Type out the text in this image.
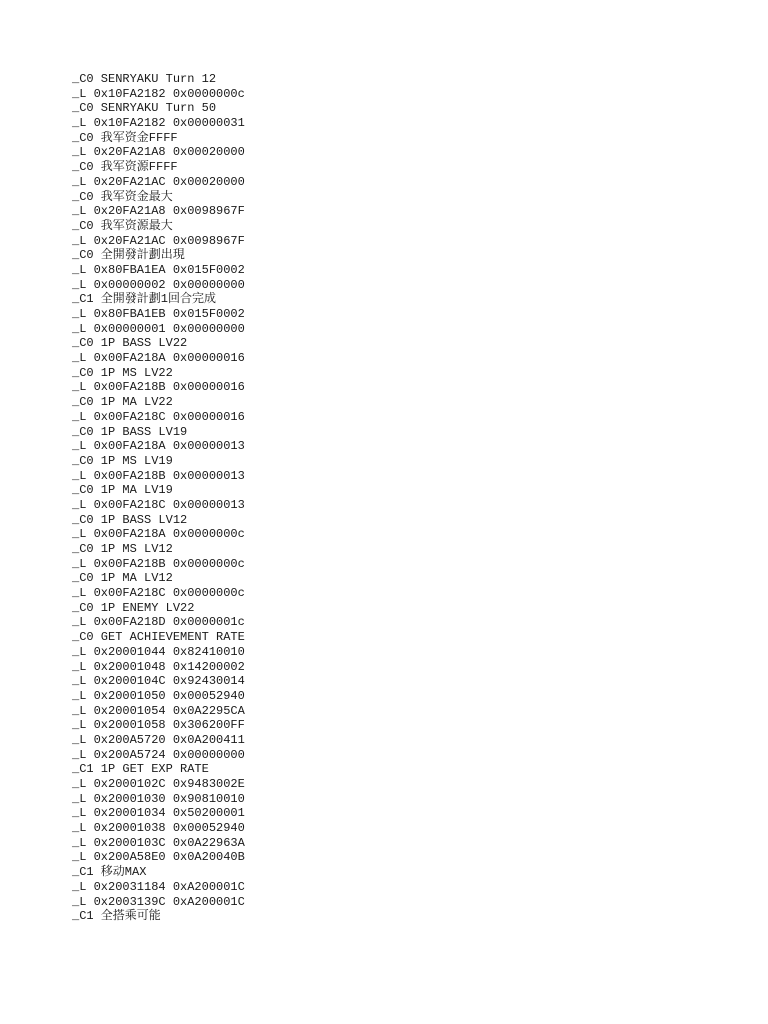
_C0 SENRYAKU Turn 12
_L 0x10FA2182 0x0000000c
_C0 SENRYAKU Turn 50
_L 0x10FA2182 0x00000031
_C0 我军资金FFFF
_L 0x20FA21A8 0x00020000
_C0 我军资源FFFF
_L 0x20FA21AC 0x00020000
_C0 我军资金最大
_L 0x20FA21A8 0x0098967F
_C0 我军资源最大
_L 0x20FA21AC 0x0098967F
_C0 全開發計劃出現
_L 0x80FBA1EA 0x015F0002
_L 0x00000002 0x00000000
_C1 全開發計劃1回合完成
_L 0x80FBA1EB 0x015F0002
_L 0x00000001 0x00000000
_C0 1P BASS LV22
_L 0x00FA218A 0x00000016
_C0 1P MS LV22
_L 0x00FA218B 0x00000016
_C0 1P MA LV22
_L 0x00FA218C 0x00000016
_C0 1P BASS LV19
_L 0x00FA218A 0x00000013
_C0 1P MS LV19
_L 0x00FA218B 0x00000013
_C0 1P MA LV19
_L 0x00FA218C 0x00000013
_C0 1P BASS LV12
_L 0x00FA218A 0x0000000c
_C0 1P MS LV12
_L 0x00FA218B 0x0000000c
_C0 1P MA LV12
_L 0x00FA218C 0x0000000c
_C0 1P ENEMY LV22
_L 0x00FA218D 0x0000001c
_C0 GET ACHIEVEMENT RATE
_L 0x20001044 0x82410010
_L 0x20001048 0x14200002
_L 0x2000104C 0x92430014
_L 0x20001050 0x00052940
_L 0x20001054 0x0A2295CA
_L 0x20001058 0x306200FF
_L 0x200A5720 0x0A200411
_L 0x200A5724 0x00000000
_C1 1P GET EXP RATE
_L 0x2000102C 0x9483002E
_L 0x20001030 0x90810010
_L 0x20001034 0x50200001
_L 0x20001038 0x00052940
_L 0x2000103C 0x0A22963A
_L 0x200A58E0 0x0A20040B
_C1 移动MAX
_L 0x20031184 0xA200001C
_L 0x2003139C 0xA200001C
_C1 全搭乘可能
